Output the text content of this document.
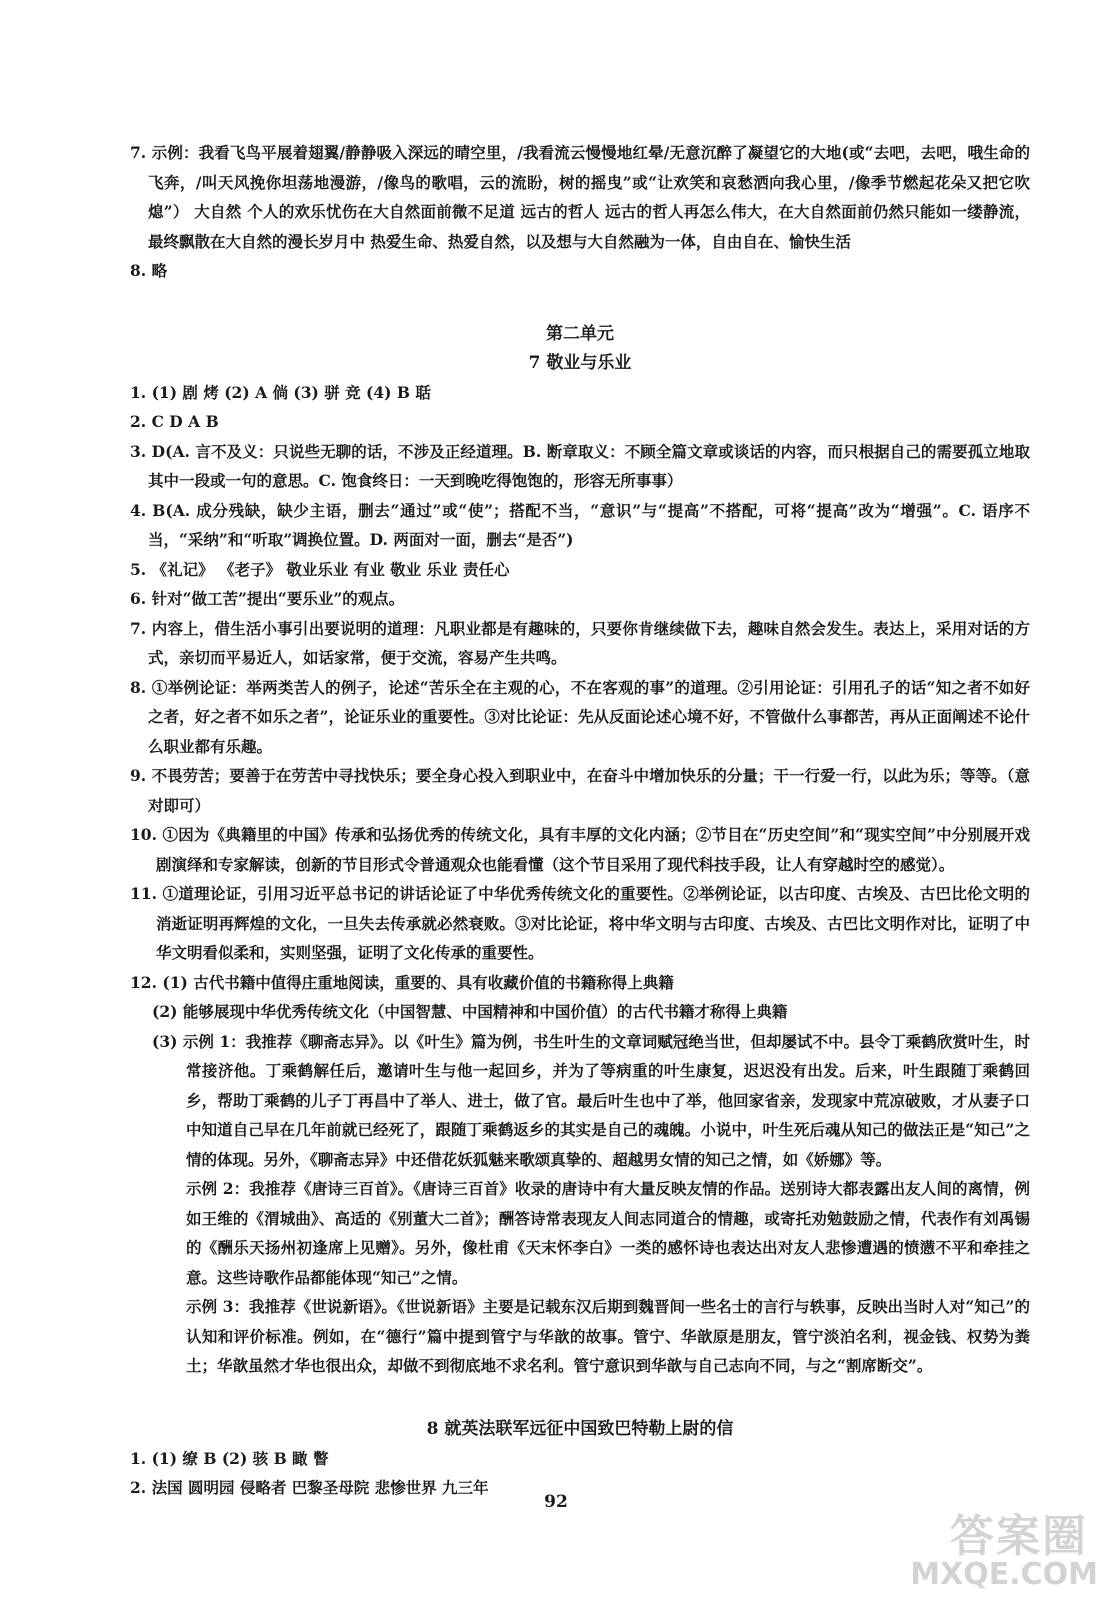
7. 示例：我看飞鸟平展着翅翼/静静吸入深远的晴空里，/我看流云慢慢地红晕/无意沉醉了凝望它的大地(或“去吧，去吧，哦生命的飞奔，/叫天风挽你坦荡地漫游，/像鸟的歌唱，云的流盼，树的摇曳”或“让欢笑和哀愁洒向我心里，/像季节燃起花朵又把它吹熄”） 大自然 个人的欢乐忧伤在大自然面前微不足道 远古的哲人 远古的哲人再怎么伟大，在大自然面前仍然只能如一缕静流，最终飘散在大自然的漫长岁月中 热爱生命、热爱自然，以及想与大自然融为一体，自由自在、愉快生活
8. 略
第二单元
7 敬业与乐业
1. (1) 剧 烤 (2) A 倘 (3) 骈 竞 (4) B 聒
2. C D A B
3. D(A. 言不及义：只说些无聊的话，不涉及正经道理。B. 断章取义：不顾全篇文章或谈话的内容，而只根据自己的需要孤立地取其中一段或一句的意思。C. 饱食终日：一天到晚吃得饱饱的，形容无所事事）
4. B(A. 成分残缺，缺少主语，删去“通过”或“使”；搭配不当，“意识”与“提高”不搭配，可将“提高”改为“增强”。C. 语序不当，“采纳”和“听取”调换位置。D. 两面对一面，删去“是否”)
5. 《礼记》 《老子》 敬业乐业 有业 敬业 乐业 责任心
6. 针对“做工苦”提出“要乐业”的观点。
7. 内容上，借生活小事引出要说明的道理：凡职业都是有趣味的，只要你肯继续做下去，趣味自然会发生。表达上，采用对话的方式，亲切而平易近人，如话家常，便于交流，容易产生共鸣。
8. ①举例论证：举两类苦人的例子，论述“苦乐全在主观的心，不在客观的事”的道理。②引用论证：引用孔子的话“知之者不如好之者，好之者不如乐之者”，论证乐业的重要性。③对比论证：先从反面论述心境不好，不管做什么事都苦，再从正面阐述不论什么职业都有乐趣。
9. 不畏劳苦；要善于在劳苦中寻找快乐；要全身心投入到职业中，在奋斗中增加快乐的分量；干一行爱一行，以此为乐；等等。（意对即可）
10. ①因为《典籍里的中国》传承和弘扬优秀的传统文化，具有丰厚的文化内涵；②节目在“历史空间”和“现实空间”中分别展开戏剧演绎和专家解读，创新的节目形式令普通观众也能看懂（这个节目采用了现代科技手段，让人有穿越时空的感觉）。
11. ①道理论证，引用习近平总书记的讲话论证了中华优秀传统文化的重要性。②举例论证，以古印度、古埃及、古巴比伦文明的消逝证明再辉煌的文化，一旦失去传承就必然衰败。③对比论证，将中华文明与古印度、古埃及、古巴比文明作对比，证明了中华文明看似柔和，实则坚强，证明了文化传承的重要性。
12. (1) 古代书籍中值得庄重地阅读，重要的、具有收藏价值的书籍称得上典籍
(2) 能够展现中华优秀传统文化（中国智慧、中国精神和中国价值）的古代书籍才称得上典籍
(3) 示例 1：我推荐《聊斋志异》。以《叶生》篇为例，书生叶生的文章词赋冠绝当世，但却屡试不中。县令丁乘鹤欣赏叶生，时常接济他。丁乘鹤解任后，邀请叶生与他一起回乡，并为了等病重的叶生康复，迟迟没有出发。后来，叶生跟随丁乘鹤回乡，帮助丁乘鹤的儿子丁再昌中了举人、进士，做了官。最后叶生也中了举，他回家省亲，发现家中荒凉破败，才从妻子口中知道自己早在几年前就已经死了，跟随丁乘鹤返乡的其实是自己的魂魄。小说中，叶生死后魂从知己的做法正是“知己”之情的体现。另外，《聊斋志异》中还借花妖狐魅来歌颂真挚的、超越男女情的知己之情，如《娇娜》等。
示例 2：我推荐《唐诗三百首》。《唐诗三百首》收录的唐诗中有大量反映友情的作品。送别诗大都表露出友人间的离情，例如王维的《渭城曲》、高适的《别董大二首》；酬答诗常表现友人间志同道合的情趣，或寄托劝勉鼓励之情，代表作有刘禹锡的《酬乐天扬州初逢席上见赠》。另外，像杜甫《天末怀李白》一类的感怀诗也表达出对友人悲惨遭遇的愤懑不平和牵挂之意。这些诗歌作品都能体现“知己”之情。
示例 3：我推荐《世说新语》。《世说新语》主要是记载东汉后期到魏晋间一些名士的言行与轶事，反映出当时人对“知己”的认知和评价标准。例如，在“德行”篇中提到管宁与华歆的故事。管宁、华歆原是朋友，管宁淡泊名利，视金钱、权势为粪土；华歆虽然才华也很出众，却做不到彻底地不求名利。管宁意识到华歆与自己志向不同，与之“割席断交”。
8 就英法联军远征中国致巴特勒上尉的信
1. (1) 缭 B (2) 骇 B 瞰 瞥
2. 法国 圆明园 侵略者 巴黎圣母院 悲惨世界 九三年
92
答案圈
MXQE.COM
